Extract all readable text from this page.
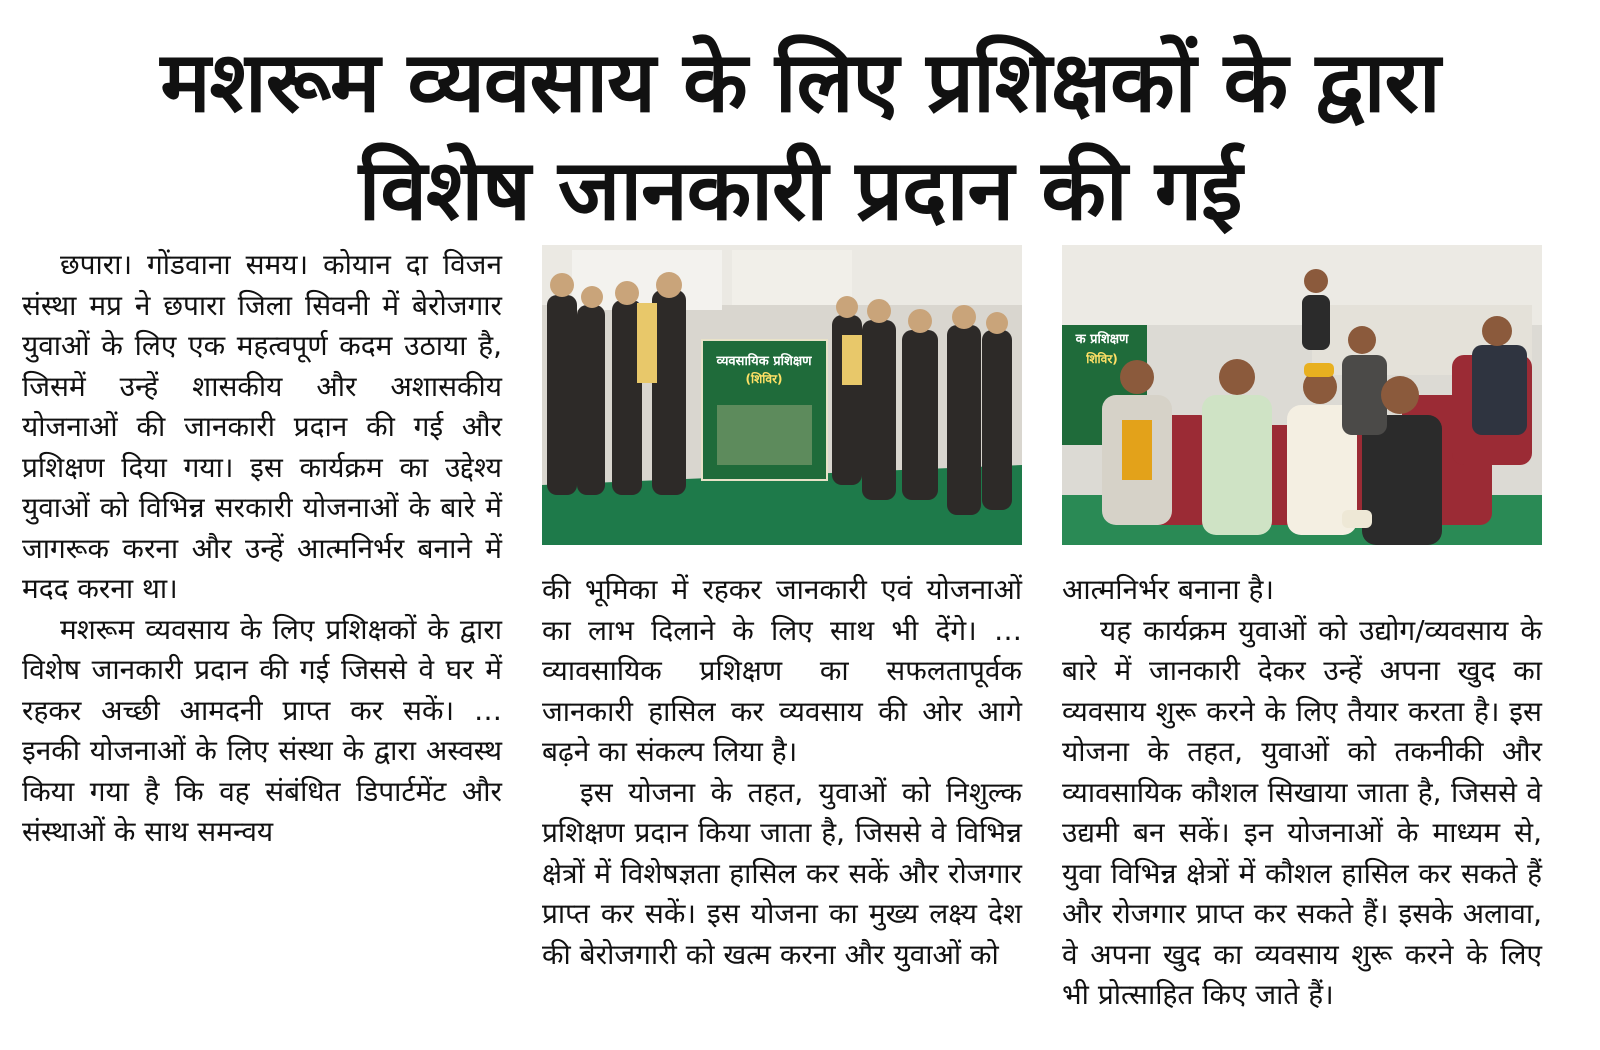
मशरूम व्यवसाय के लिए प्रशिक्षकों के द्वारा
विशेष जानकारी प्रदान की गई

छपारा। गोंडवाना समय। कोयान दा विजन संस्था मप्र ने छपारा जिला सिवनी में बेरोजगार युवाओं के लिए एक महत्वपूर्ण कदम उठाया है, जिसमें उन्हें शासकीय और अशासकीय योजनाओं की जानकारी प्रदान की गई और प्रशिक्षण दिया गया। इस कार्यक्रम का उद्देश्य युवाओं को विभिन्न सरकारी योजनाओं के बारे में जागरूक करना और उन्हें आत्मनिर्भर बनाने में मदद करना था।

मशरूम व्यवसाय के लिए प्रशिक्षकों के द्वारा विशेष जानकारी प्रदान की गई जिससे वे घर में रहकर अच्छी आमदनी प्राप्त कर सकें। … इनकी योजनाओं के लिए संस्था के द्वारा अस्वस्थ किया गया है कि वह संबंधित डिपार्टमेंट और संस्थाओं के साथ समन्वय

व्यवसायिक प्रशिक्षण
(शिविर)
क प्रशिक्षण
शिविर)

की भूमिका में रहकर जानकारी एवं योजनाओं का लाभ दिलाने के लिए साथ भी देंगे। … व्यावसायिक प्रशिक्षण का सफलतापूर्वक जानकारी हासिल कर व्यवसाय की ओर आगे बढ़ने का संकल्प लिया है।

इस योजना के तहत, युवाओं को निशुल्क प्रशिक्षण प्रदान किया जाता है, जिससे वे विभिन्न क्षेत्रों में विशेषज्ञता हासिल कर सकें और रोजगार प्राप्त कर सकें। इस योजना का मुख्य लक्ष्य देश की बेरोजगारी को खत्म करना और युवाओं को

आत्मनिर्भर बनाना है।

यह कार्यक्रम युवाओं को उद्योग/व्यवसाय के बारे में जानकारी देकर उन्हें अपना खुद का व्यवसाय शुरू करने के लिए तैयार करता है। इस योजना के तहत, युवाओं को तकनीकी और व्यावसायिक कौशल सिखाया जाता है, जिससे वे उद्यमी बन सकें। इन योजनाओं के माध्यम से, युवा विभिन्न क्षेत्रों में कौशल हासिल कर सकते हैं और रोजगार प्राप्त कर सकते हैं। इसके अलावा, वे अपना खुद का व्यवसाय शुरू करने के लिए भी प्रोत्साहित किए जाते हैं।
